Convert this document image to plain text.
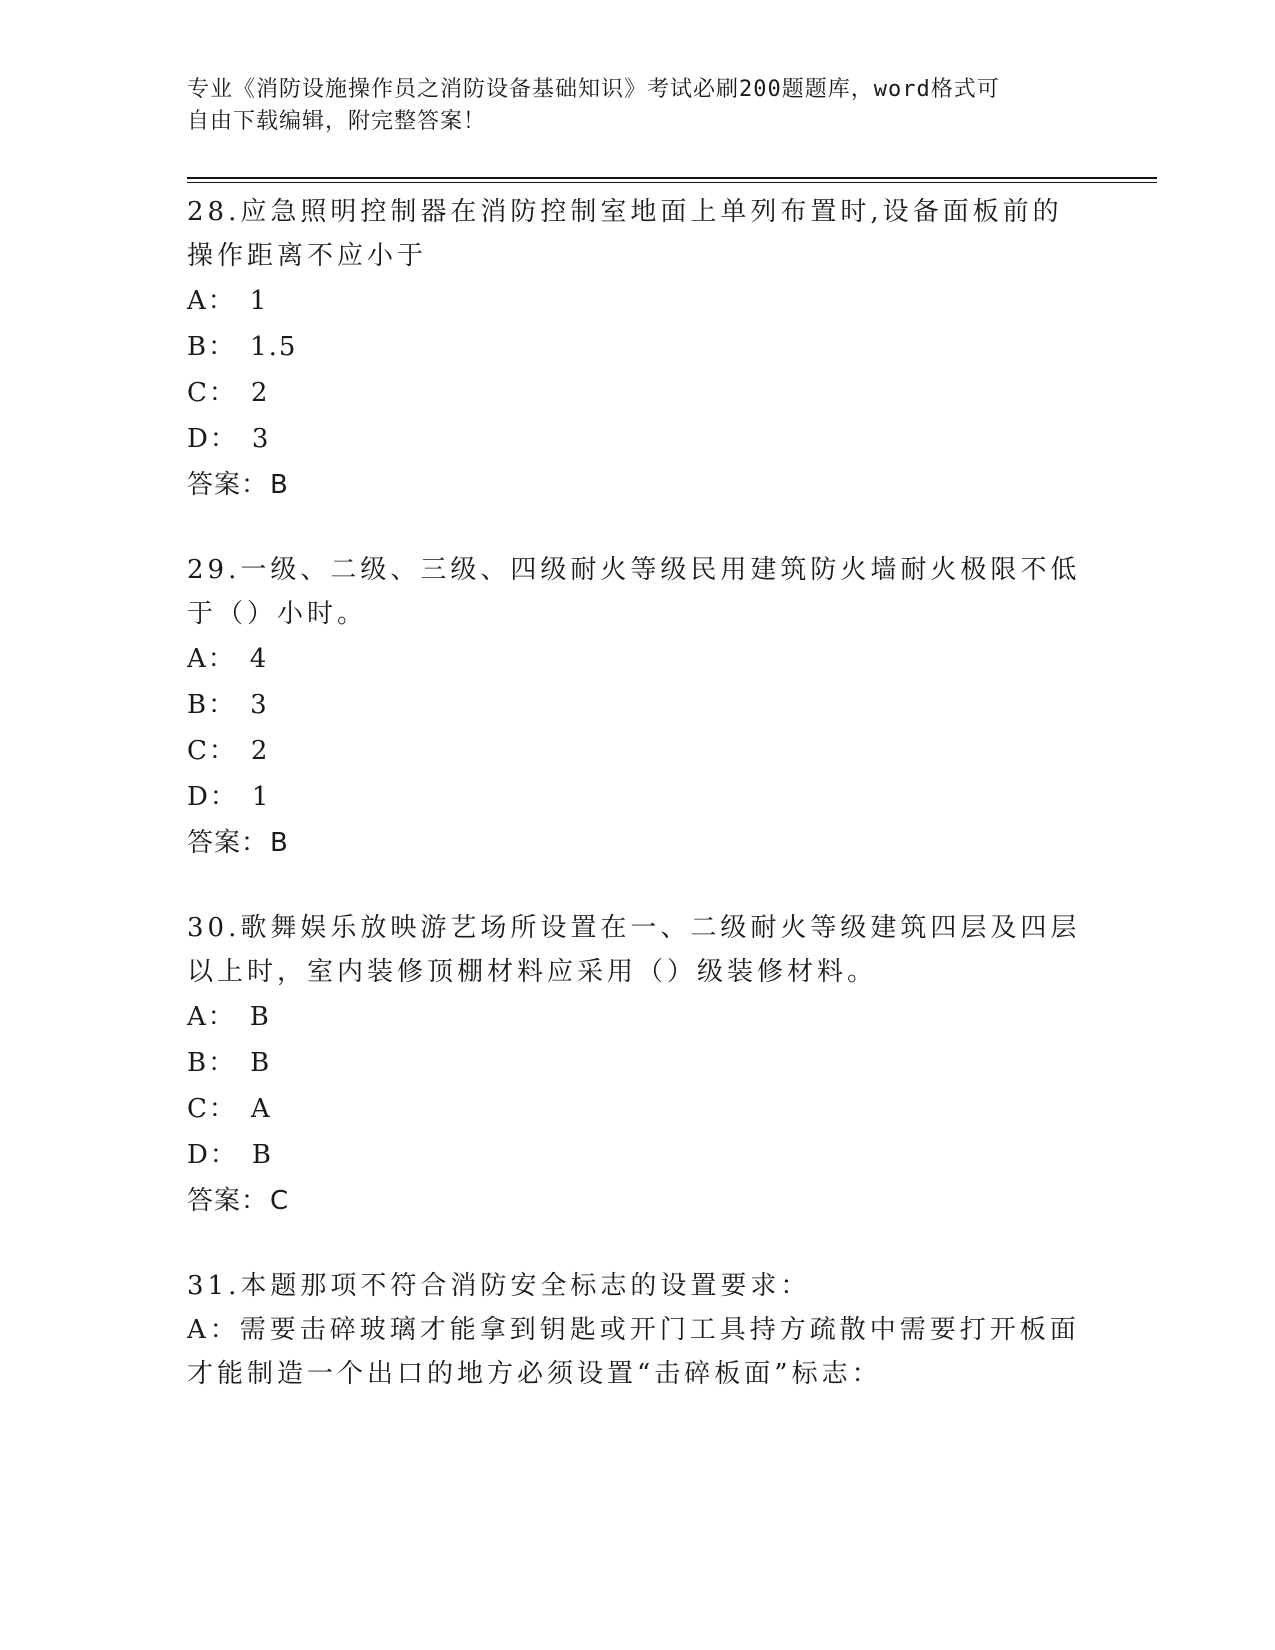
专业《消防设施操作员之消防设备基础知识》考试必刷200题题库，word格式可
自由下载编辑，附完整答案！

28.应急照明控制器在消防控制室地面上单列布置时,设备面板前的操作距离不应小于

A： 1

B： 1.5

C： 2

D： 3

答案：B

29.一级、二级、三级、四级耐火等级民用建筑防火墙耐火极限不低于（）小时。

A： 4

B： 3

C： 2

D： 1

答案：B

30.歌舞娱乐放映游艺场所设置在一、二级耐火等级建筑四层及四层以上时，室内装修顶棚材料应采用（）级装修材料。

A： B

B： B

C： A

D： B

答案：C

31.本题那项不符合消防安全标志的设置要求：

A：需要击碎玻璃才能拿到钥匙或开门工具持方疏散中需要打开板面才能制造一个出口的地方必须设置“击碎板面”标志：
